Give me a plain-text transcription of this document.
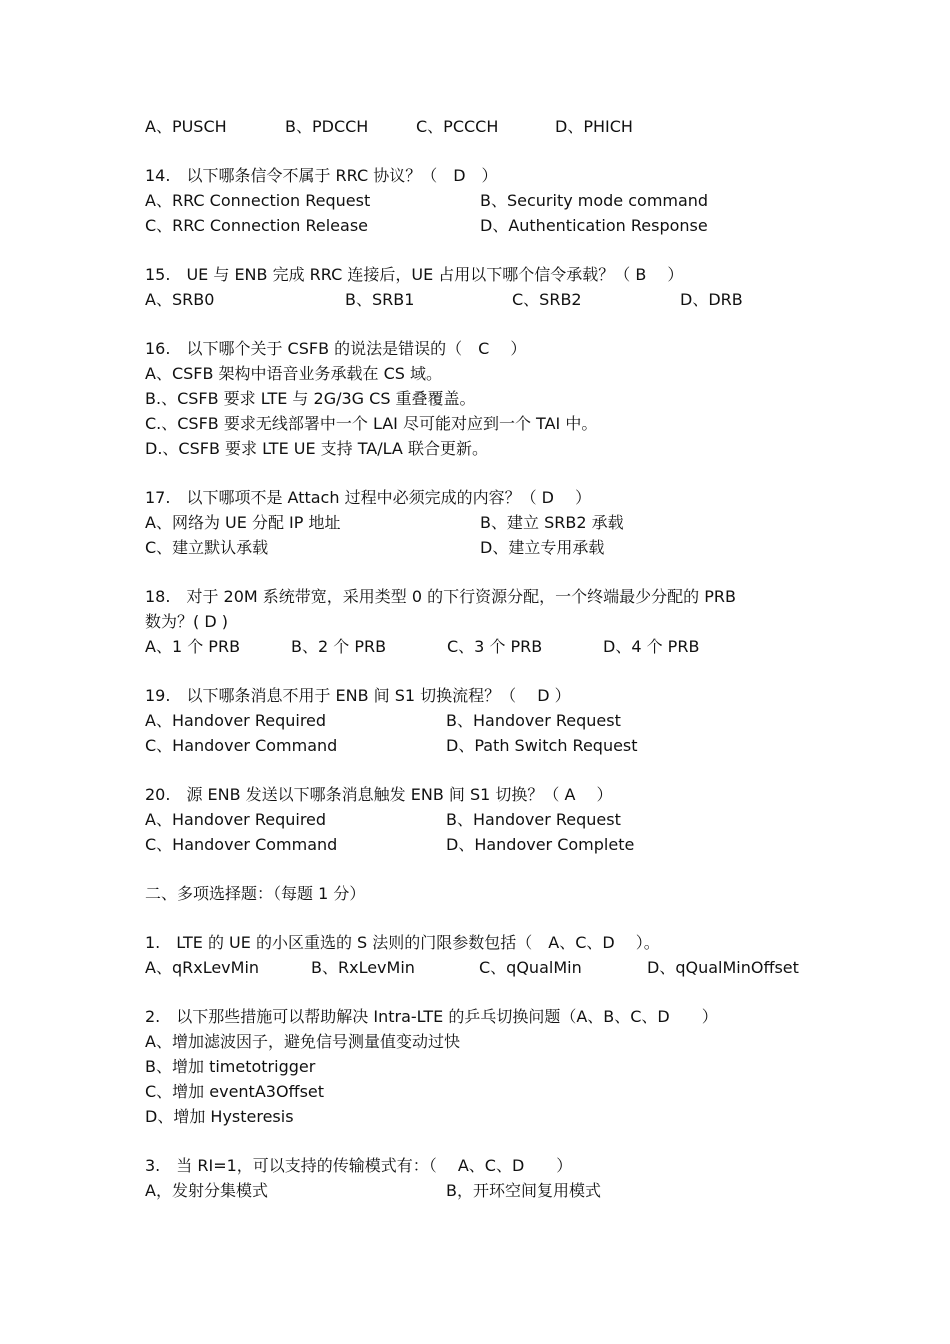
A、PUSCH	B、PDCCH	C、PCCCH	D、PHICH
14.　以下哪条信令不属于 RRC 协议？（　D　）
A、RRC Connection Request	B、Security mode command
C、RRC Connection Release	D、Authentication Response
15.　UE 与 ENB 完成 RRC 连接后，UE 占用以下哪个信令承载？（ B　 ）
A、SRB0	B、SRB1	C、SRB2	D、DRB
16.　以下哪个关于 CSFB 的说法是错误的（　C　 ）
A、CSFB 架构中语音业务承载在 CS 域。
B.、CSFB 要求 LTE 与 2G/3G CS 重叠覆盖。
C.、CSFB 要求无线部署中一个 LAI 尽可能对应到一个 TAI 中。
D.、CSFB 要求 LTE UE 支持 TA/LA 联合更新。
17.　以下哪项不是 Attach 过程中必须完成的内容？（ D　 ）
A、网络为 UE 分配 IP 地址	B、建立 SRB2 承载
C、建立默认承载	D、建立专用承载
18.　对于 20M 系统带宽，采用类型 0 的下行资源分配，一个终端最少分配的 PRB
数为？( D )
A、1 个 PRB	B、2 个 PRB	C、3 个 PRB	D、4 个 PRB
19.　以下哪条消息不用于 ENB 间 S1 切换流程？（　 D ）
A、Handover Required	B、Handover Request
C、Handover Command	D、Path Switch Request
20.　源 ENB 发送以下哪条消息触发 ENB 间 S1 切换？（ A　 ）
A、Handover Required	B、Handover Request
C、Handover Command	D、Handover Complete
二、多项选择题：（每题 1 分）
1.　LTE 的 UE 的小区重选的 S 法则的门限参数包括（　A、C、D　 ）。
A、qRxLevMin	B、RxLevMin	C、qQualMin	D、qQualMinOffset
2.　以下那些措施可以帮助解决 Intra-LTE 的乒乓切换问题（A、B、C、D　　）
A、增加滤波因子，避免信号测量值变动过快
B、增加 timetotrigger
C、增加 eventA3Offset
D、增加 Hysteresis
3.　当 RI=1，可以支持的传输模式有：（　 A、C、D　　）
A，发射分集模式	B，开环空间复用模式
